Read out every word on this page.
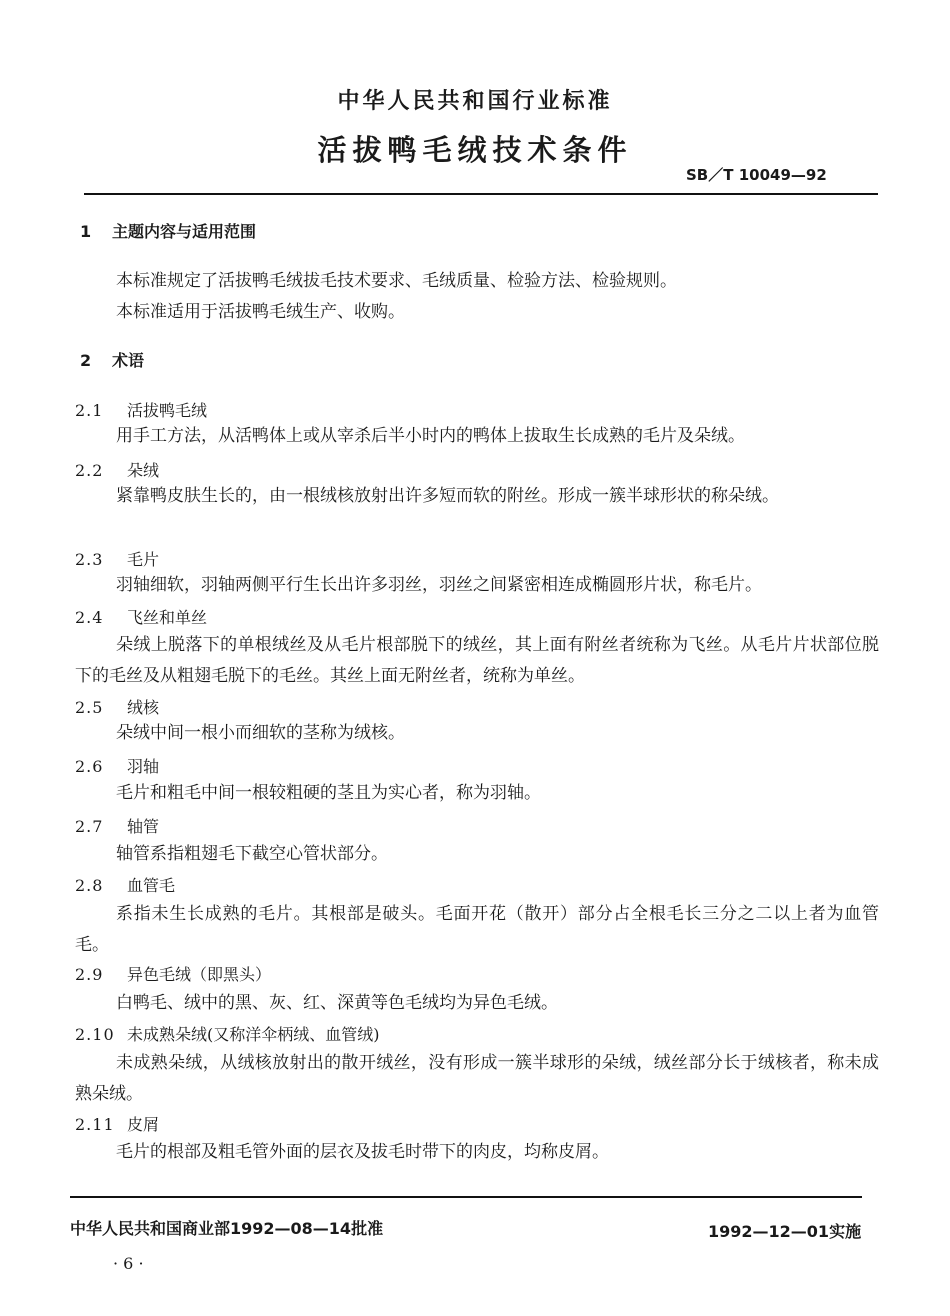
中华人民共和国行业标准
活拔鸭毛绒技术条件
SB／T 10049—92
1 主题内容与适用范围
本标准规定了活拔鸭毛绒拔毛技术要求、毛绒质量、检验方法、检验规则。
本标准适用于活拔鸭毛绒生产、收购。
2 术语
2.1 活拔鸭毛绒
用手工方法，从活鸭体上或从宰杀后半小时内的鸭体上拔取生长成熟的毛片及朵绒。
2.2 朵绒
紧靠鸭皮肤生长的，由一根绒核放射出许多短而软的附丝。形成一簇半球形状的称朵绒。
2.3 毛片
羽轴细软，羽轴两侧平行生长出许多羽丝，羽丝之间紧密相连成椭圆形片状，称毛片。
2.4 飞丝和单丝
朵绒上脱落下的单根绒丝及从毛片根部脱下的绒丝，其上面有附丝者统称为飞丝。从毛片片状部位脱下的毛丝及从粗翅毛脱下的毛丝。其丝上面无附丝者，统称为单丝。
2.5 绒核
朵绒中间一根小而细软的茎称为绒核。
2.6 羽轴
毛片和粗毛中间一根较粗硬的茎且为实心者，称为羽轴。
2.7 轴管
轴管系指粗翅毛下截空心管状部分。
2.8 血管毛
系指未生长成熟的毛片。其根部是破头。毛面开花（散开）部分占全根毛长三分之二以上者为血管毛。
2.9 异色毛绒（即黑头）
白鸭毛、绒中的黑、灰、红、深黄等色毛绒均为异色毛绒。
2.10 未成熟朵绒(又称洋伞柄绒、血管绒)
未成熟朵绒，从绒核放射出的散开绒丝，没有形成一簇半球形的朵绒，绒丝部分长于绒核者，称未成熟朵绒。
2.11 皮屑
毛片的根部及粗毛管外面的层衣及拔毛时带下的肉皮，均称皮屑。
中华人民共和国商业部1992—08—14批准	1992—12—01实施
· 6 ·
